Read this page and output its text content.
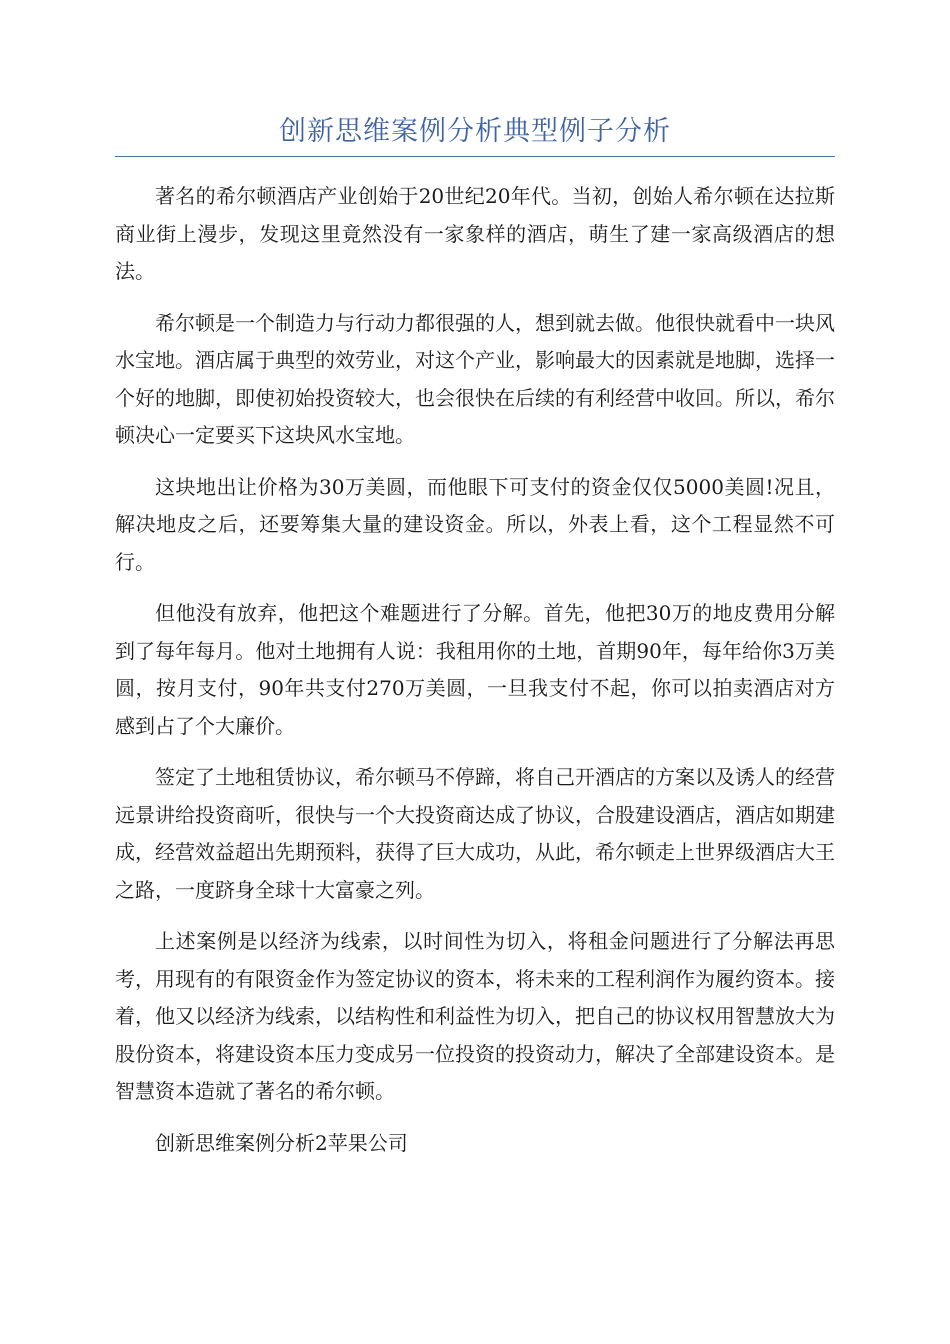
创新思维案例分析典型例子分析

著名的希尔顿酒店产业创始于20世纪20年代。当初，创始人希尔顿在达拉斯商业街上漫步，发现这里竟然没有一家象样的酒店，萌生了建一家高级酒店的想法。

希尔顿是一个制造力与行动力都很强的人，想到就去做。他很快就看中一块风水宝地。酒店属于典型的效劳业，对这个产业，影响最大的因素就是地脚，选择一个好的地脚，即使初始投资较大，也会很快在后续的有利经营中收回。所以，希尔顿决心一定要买下这块风水宝地。

这块地出让价格为30万美圆，而他眼下可支付的资金仅仅5000美圆!况且，解决地皮之后，还要筹集大量的建设资金。所以，外表上看，这个工程显然不可行。

但他没有放弃，他把这个难题进行了分解。首先，他把30万的地皮费用分解到了每年每月。他对土地拥有人说：我租用你的土地，首期90年，每年给你3万美圆，按月支付，90年共支付270万美圆，一旦我支付不起，你可以拍卖酒店对方感到占了个大廉价。

签定了土地租赁协议，希尔顿马不停蹄，将自己开酒店的方案以及诱人的经营远景讲给投资商听，很快与一个大投资商达成了协议，合股建设酒店，酒店如期建成，经营效益超出先期预料，获得了巨大成功，从此，希尔顿走上世界级酒店大王之路，一度跻身全球十大富豪之列。

上述案例是以经济为线索，以时间性为切入，将租金问题进行了分解法再思考，用现有的有限资金作为签定协议的资本，将未来的工程利润作为履约资本。接着，他又以经济为线索，以结构性和利益性为切入，把自己的协议权用智慧放大为股份资本，将建设资本压力变成另一位投资的投资动力，解决了全部建设资本。是智慧资本造就了著名的希尔顿。

创新思维案例分析2苹果公司
